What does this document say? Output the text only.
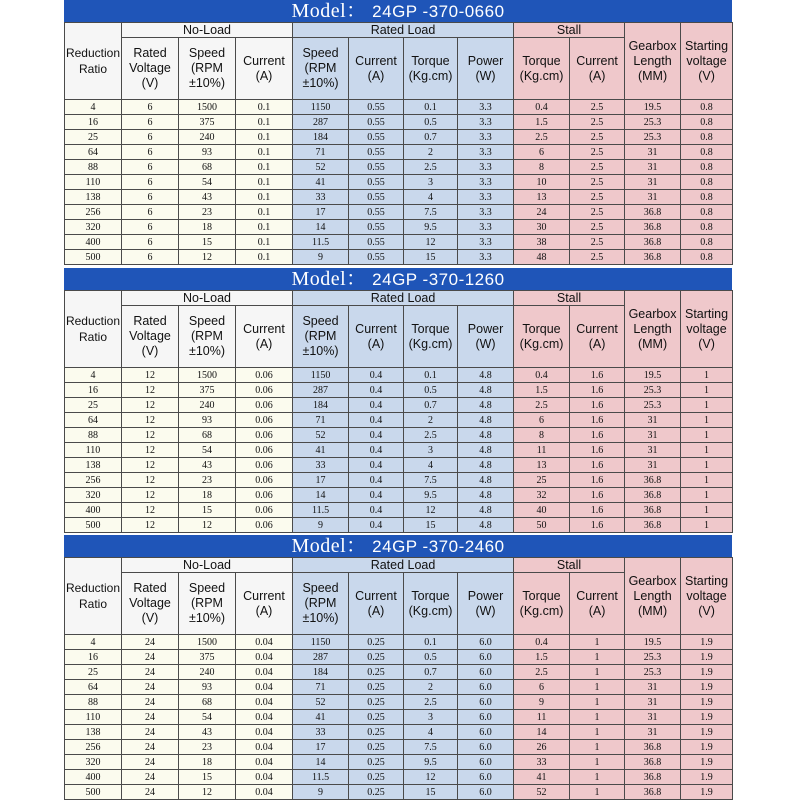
Model： 24GP -370-0660
Reduction Ratio	No-Load			Rated Load				Stall		Gearbox Length (MM)	Starting voltage (V)
	Rated Voltage (V)	Speed (RPM ±10%)	Current (A)	Speed (RPM ±10%)	Current (A)	Torque (Kg.cm)	Power (W)	Torque (Kg.cm)	Current (A)		
4	6	1500	0.1	1150	0.55	0.1	3.3	0.4	2.5	19.5	0.8
16	6	375	0.1	287	0.55	0.5	3.3	1.5	2.5	25.3	0.8
25	6	240	0.1	184	0.55	0.7	3.3	2.5	2.5	25.3	0.8
64	6	93	0.1	71	0.55	2	3.3	6	2.5	31	0.8
88	6	68	0.1	52	0.55	2.5	3.3	8	2.5	31	0.8
110	6	54	0.1	41	0.55	3	3.3	10	2.5	31	0.8
138	6	43	0.1	33	0.55	4	3.3	13	2.5	31	0.8
256	6	23	0.1	17	0.55	7.5	3.3	24	2.5	36.8	0.8
320	6	18	0.1	14	0.55	9.5	3.3	30	2.5	36.8	0.8
400	6	15	0.1	11.5	0.55	12	3.3	38	2.5	36.8	0.8
500	6	12	0.1	9	0.55	15	3.3	48	2.5	36.8	0.8
Model： 24GP -370-1260
Reduction Ratio	No-Load			Rated Load				Stall		Gearbox Length (MM)	Starting voltage (V)
	Rated Voltage (V)	Speed (RPM ±10%)	Current (A)	Speed (RPM ±10%)	Current (A)	Torque (Kg.cm)	Power (W)	Torque (Kg.cm)	Current (A)		
4	12	1500	0.06	1150	0.4	0.1	4.8	0.4	1.6	19.5	1
16	12	375	0.06	287	0.4	0.5	4.8	1.5	1.6	25.3	1
25	12	240	0.06	184	0.4	0.7	4.8	2.5	1.6	25.3	1
64	12	93	0.06	71	0.4	2	4.8	6	1.6	31	1
88	12	68	0.06	52	0.4	2.5	4.8	8	1.6	31	1
110	12	54	0.06	41	0.4	3	4.8	11	1.6	31	1
138	12	43	0.06	33	0.4	4	4.8	13	1.6	31	1
256	12	23	0.06	17	0.4	7.5	4.8	25	1.6	36.8	1
320	12	18	0.06	14	0.4	9.5	4.8	32	1.6	36.8	1
400	12	15	0.06	11.5	0.4	12	4.8	40	1.6	36.8	1
500	12	12	0.06	9	0.4	15	4.8	50	1.6	36.8	1
Model： 24GP -370-2460
Reduction Ratio	No-Load			Rated Load				Stall		Gearbox Length (MM)	Starting voltage (V)
	Rated Voltage (V)	Speed (RPM ±10%)	Current (A)	Speed (RPM ±10%)	Current (A)	Torque (Kg.cm)	Power (W)	Torque (Kg.cm)	Current (A)		
4	24	1500	0.04	1150	0.25	0.1	6.0	0.4	1	19.5	1.9
16	24	375	0.04	287	0.25	0.5	6.0	1.5	1	25.3	1.9
25	24	240	0.04	184	0.25	0.7	6.0	2.5	1	25.3	1.9
64	24	93	0.04	71	0.25	2	6.0	6	1	31	1.9
88	24	68	0.04	52	0.25	2.5	6.0	9	1	31	1.9
110	24	54	0.04	41	0.25	3	6.0	11	1	31	1.9
138	24	43	0.04	33	0.25	4	6.0	14	1	31	1.9
256	24	23	0.04	17	0.25	7.5	6.0	26	1	36.8	1.9
320	24	18	0.04	14	0.25	9.5	6.0	33	1	36.8	1.9
400	24	15	0.04	11.5	0.25	12	6.0	41	1	36.8	1.9
500	24	12	0.04	9	0.25	15	6.0	52	1	36.8	1.9
